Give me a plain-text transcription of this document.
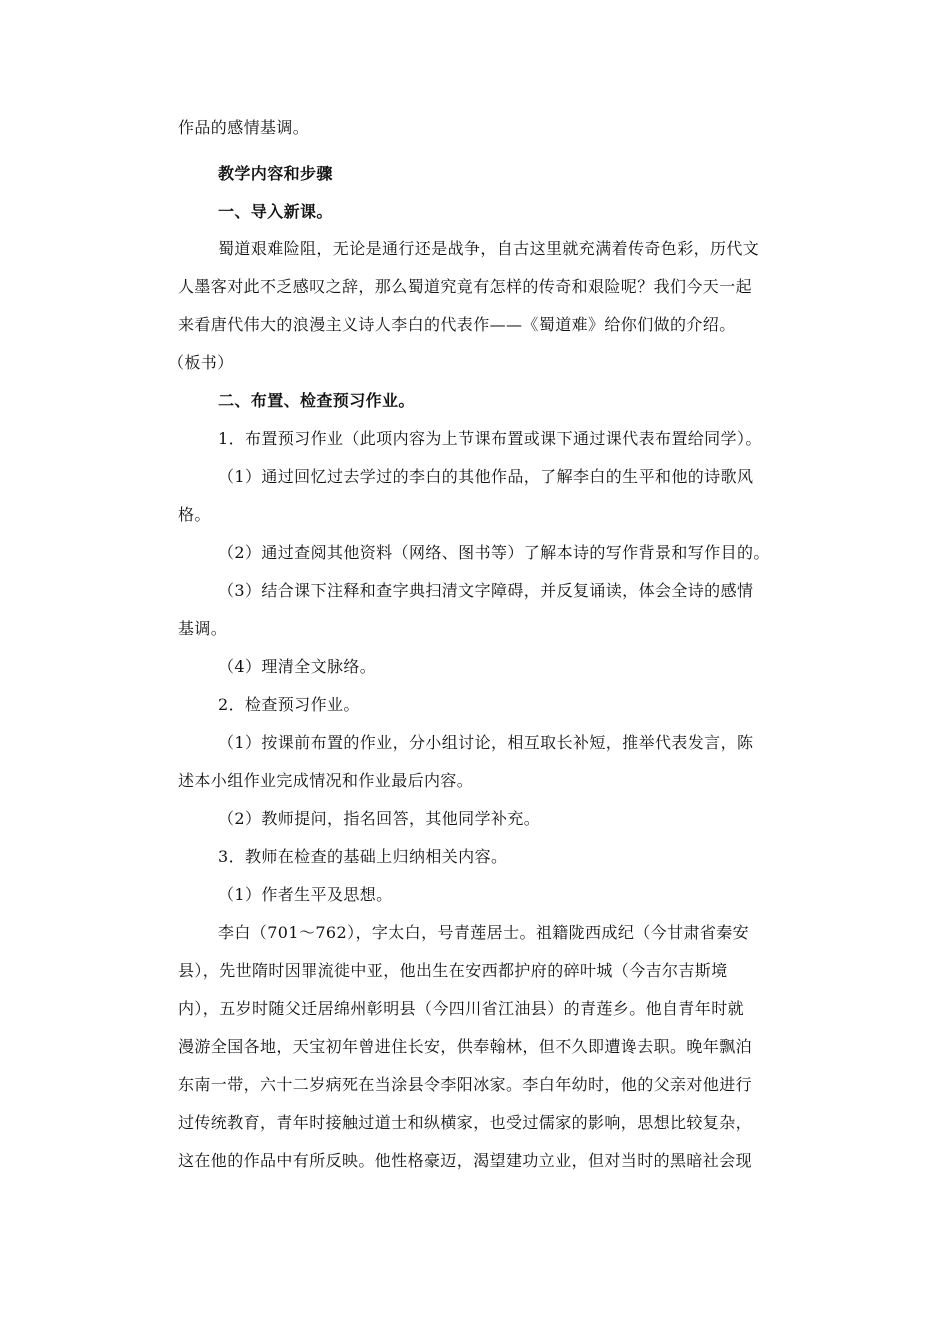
作品的感情基调。
教学内容和步骤
一、导入新课。
蜀道艰难险阻，无论是通行还是战争，自古这里就充满着传奇色彩，历代文
人墨客对此不乏感叹之辞，那么蜀道究竟有怎样的传奇和艰险呢？我们今天一起
来看唐代伟大的浪漫主义诗人李白的代表作——《蜀道难》给你们做的介绍。
（板书）
二、布置、检查预习作业。
1．布置预习作业（此项内容为上节课布置或课下通过课代表布置给同学）。
（1）通过回忆过去学过的李白的其他作品，了解李白的生平和他的诗歌风
格。
（2）通过查阅其他资料（网络、图书等）了解本诗的写作背景和写作目的。
（3）结合课下注释和查字典扫清文字障碍，并反复诵读，体会全诗的感情
基调。
（4）理清全文脉络。
2．检查预习作业。
（1）按课前布置的作业，分小组讨论，相互取长补短，推举代表发言，陈
述本小组作业完成情况和作业最后内容。
（2）教师提问，指名回答，其他同学补充。
3．教师在检查的基础上归纳相关内容。
（1）作者生平及思想。
李白（701～762），字太白，号青莲居士。祖籍陇西成纪（今甘肃省秦安
县），先世隋时因罪流徙中亚，他出生在安西都护府的碎叶城（今吉尔吉斯境
内），五岁时随父迁居绵州彰明县（今四川省江油县）的青莲乡。他自青年时就
漫游全国各地，天宝初年曾进住长安，供奉翰林，但不久即遭谗去职。晚年飘泊
东南一带，六十二岁病死在当涂县令李阳冰家。李白年幼时，他的父亲对他进行
过传统教育，青年时接触过道士和纵横家，也受过儒家的影响，思想比较复杂，
这在他的作品中有所反映。他性格豪迈，渴望建功立业，但对当时的黑暗社会现
